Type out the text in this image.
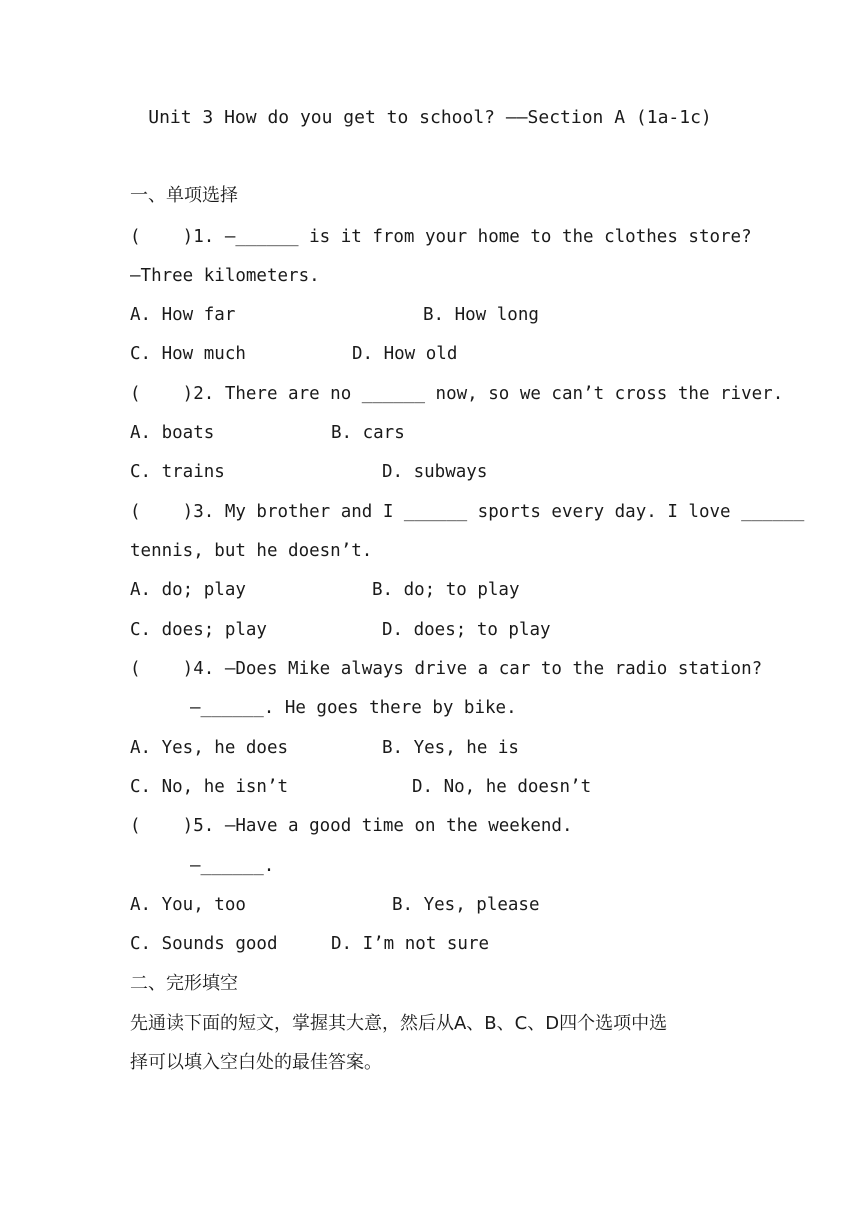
Unit 3 How do you get to school? ——Section A (1a-1c)
一、单项选择
(    )1. —______ is it from your home to the clothes store?
—Three kilometers.
A. How far	B. How long
C. How much	D. How old
(    )2. There are no ______ now, so we can’t cross the river.
A. boats	B. cars
C. trains	D. subways
(    )3. My brother and I ______ sports every day. I love ______
tennis, but he doesn’t.
A. do; play	B. do; to play
C. does; play	D. does; to play
(    )4. —Does Mike always drive a car to the radio station?
—______. He goes there by bike.
A. Yes, he does	B. Yes, he is
C. No, he isn’t	D. No, he doesn’t
(    )5. —Have a good time on the weekend.
—______.
A. You, too	B. Yes, please
C. Sounds good	D. I’m not sure
二、完形填空
先通读下面的短文，掌握其大意，然后从A、B、C、D四个选项中选
择可以填入空白处的最佳答案。
